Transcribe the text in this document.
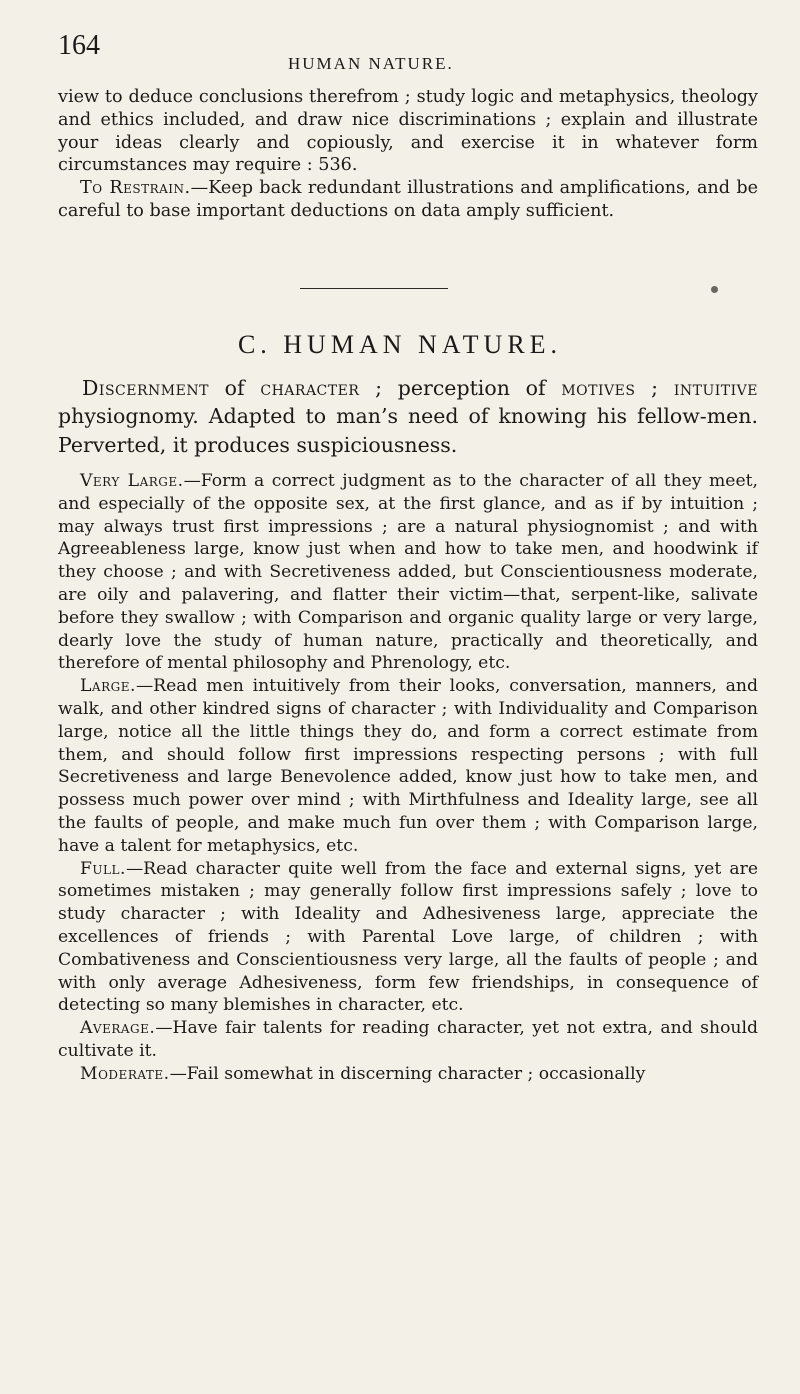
164
HUMAN NATURE.

view to deduce conclusions therefrom ; study logic and metaphysics, theology and ethics included, and draw nice discriminations ; explain and illustrate your ideas clearly and copiously, and exercise it in whatever form circumstances may require : 536.

To Restrain.—Keep back redundant illustrations and amplifications, and be careful to base important deductions on data amply sufficient.

C. HUMAN NATURE.

Discernment of character ; perception of motives ; intuitive physiognomy. Adapted to man’s need of knowing his fellow-men. Perverted, it produces suspiciousness.

Very Large.—Form a correct judgment as to the character of all they meet, and especially of the opposite sex, at the first glance, and as if by intuition ; may always trust first impressions ; are a natural physiognomist ; and with Agreeableness large, know just when and how to take men, and hoodwink if they choose ; and with Secretiveness added, but Conscientiousness moderate, are oily and palavering, and flatter their victim—that, serpent-like, salivate before they swallow ; with Comparison and organic quality large or very large, dearly love the study of human nature, practically and theoretically, and therefore of mental philosophy and Phrenology, etc.

Large.—Read men intuitively from their looks, conversation, manners, and walk, and other kindred signs of character ; with Individuality and Comparison large, notice all the little things they do, and form a correct estimate from them, and should follow first impressions respecting persons ; with full Secretiveness and large Benevolence added, know just how to take men, and possess much power over mind ; with Mirthfulness and Ideality large, see all the faults of people, and make much fun over them ; with Comparison large, have a talent for metaphysics, etc.

Full.—Read character quite well from the face and external signs, yet are sometimes mistaken ; may generally follow first impressions safely ; love to study character ; with Ideality and Adhesiveness large, appreciate the excellences of friends ; with Parental Love large, of children ; with Combativeness and Conscientiousness very large, all the faults of people ; and with only average Adhesiveness, form few friendships, in consequence of detecting so many blemishes in character, etc.

Average.—Have fair talents for reading character, yet not extra, and should cultivate it.

Moderate.—Fail somewhat in discerning character ; occasionally
